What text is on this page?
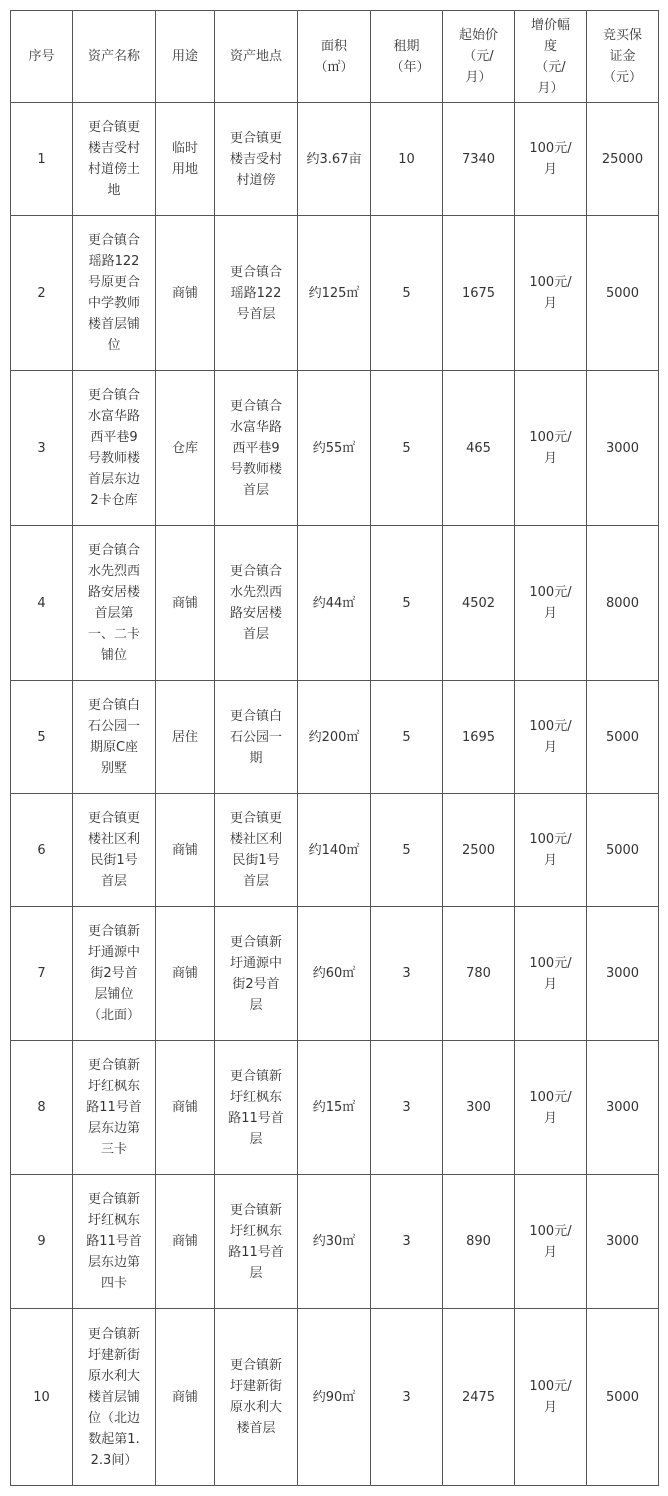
序号	资产名称	用途	资产地点	面积（㎡）	租期（年）	起始价（元/月）	增价幅度（元/月）	竞买保证金（元）

1	更合镇更楼吉受村村道傍土地	临时用地	更合镇更楼吉受村村道傍	约3.67亩	10	7340	100元/月	25000
2	更合镇合瑶路122号原更合中学教师楼首层铺位	商铺	更合镇合瑶路122号首层	约125㎡	5	1675	100元/月	5000
3	更合镇合水富华路西平巷9号教师楼首层东边2卡仓库	仓库	更合镇合水富华路西平巷9号教师楼首层	约55㎡	5	465	100元/月	3000
4	更合镇合水先烈西路安居楼首层第一、二卡铺位	商铺	更合镇合水先烈西路安居楼首层	约44㎡	5	4502	100元/月	8000
5	更合镇白石公园一期原C座别墅	居住	更合镇白石公园一期	约200㎡	5	1695	100元/月	5000
6	更合镇更楼社区利民街1号首层	商铺	更合镇更楼社区利民街1号首层	约140㎡	5	2500	100元/月	5000
7	更合镇新圩通源中街2号首层铺位（北面）	商铺	更合镇新圩通源中街2号首层	约60㎡	3	780	100元/月	3000
8	更合镇新圩红枫东路11号首层东边第三卡	商铺	更合镇新圩红枫东路11号首层	约15㎡	3	300	100元/月	3000
9	更合镇新圩红枫东路11号首层东边第四卡	商铺	更合镇新圩红枫东路11号首层	约30㎡	3	890	100元/月	3000
10	更合镇新圩建新街原水利大楼首层铺位（北边数起第1.2.3间）	商铺	更合镇新圩建新街原水利大楼首层	约90㎡	3	2475	100元/月	5000
